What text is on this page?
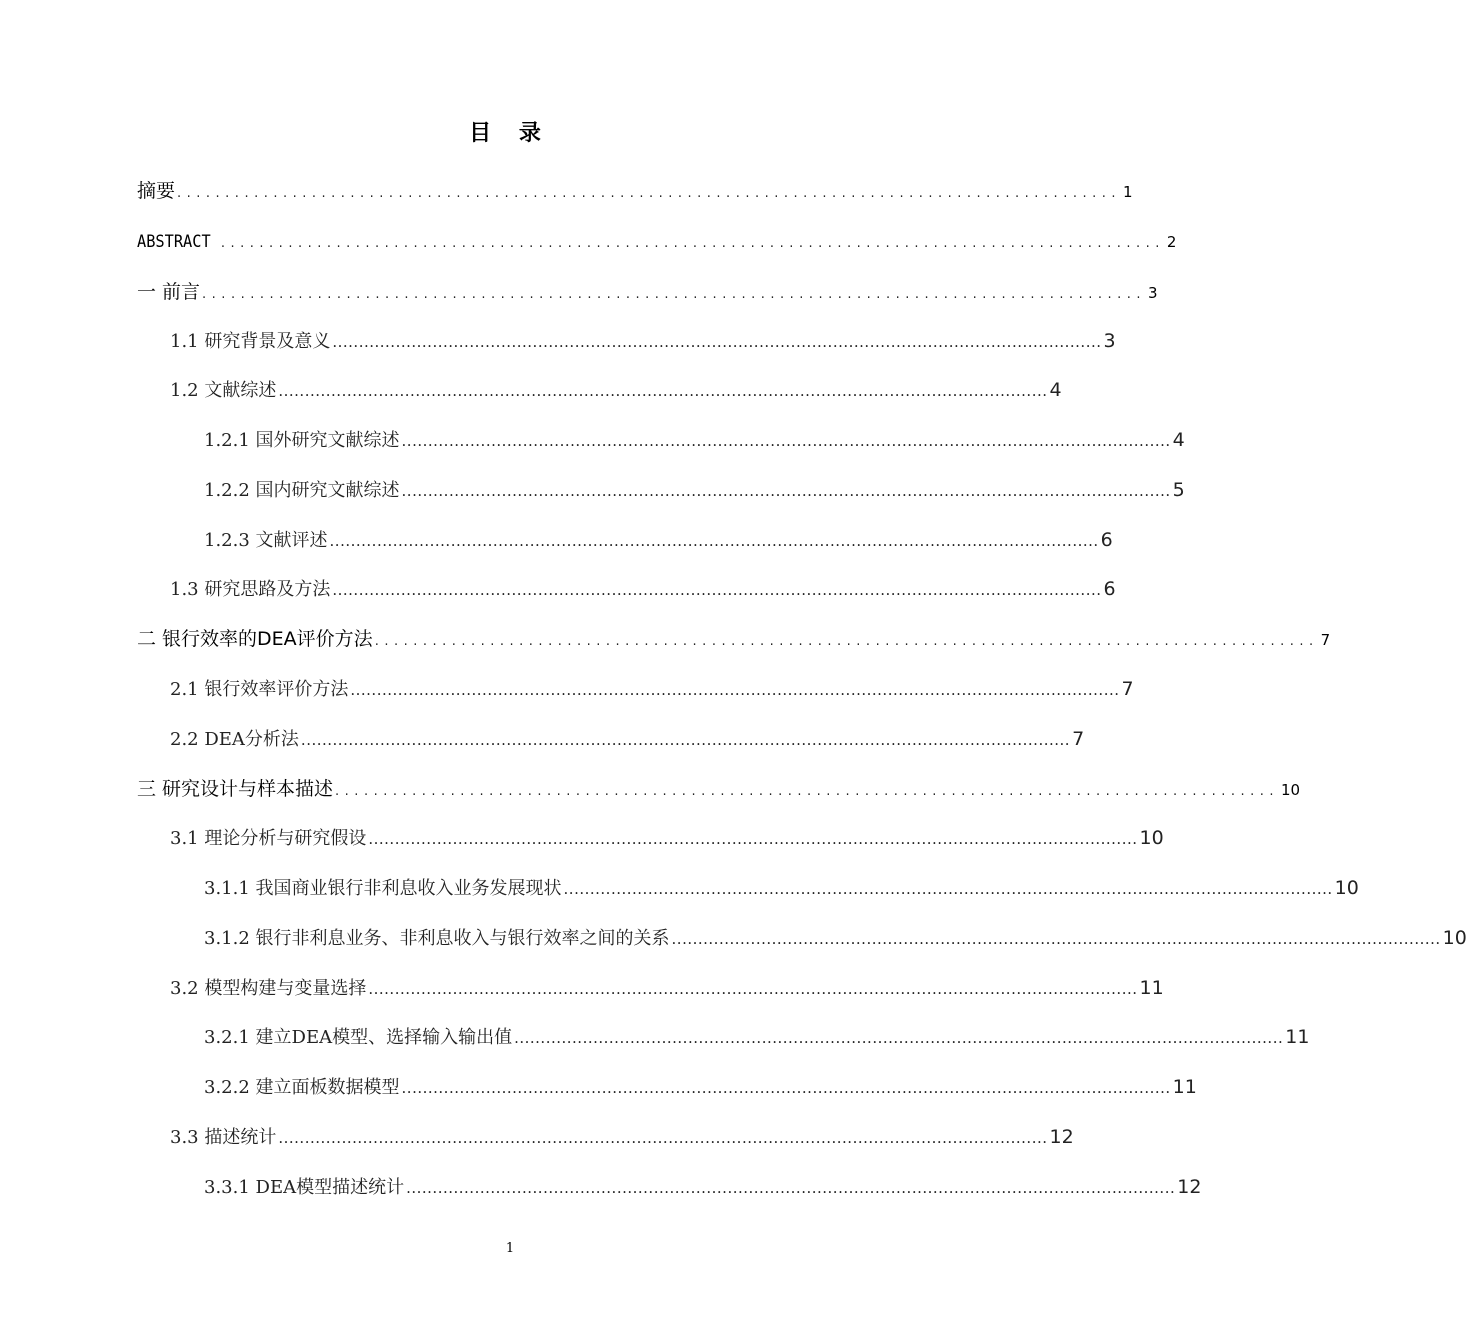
目 录
摘要 .................................................................................................. 1
ABSTRACT .................................................................................................. 2
一 前言 .................................................................................................. 3
1.1 研究背景及意义 .................................................................................................................................................. 3
1.2 文献综述 .................................................................................................................................................. 4
1.2.1 国外研究文献综述 .................................................................................................................................................. 4
1.2.2 国内研究文献综述 .................................................................................................................................................. 5
1.2.3 文献评述 .................................................................................................................................................. 6
1.3 研究思路及方法 .................................................................................................................................................. 6
二 银行效率的DEA评价方法 .................................................................................................. 7
2.1 银行效率评价方法 .................................................................................................................................................. 7
2.2 DEA分析法 .................................................................................................................................................. 7
三 研究设计与样本描述 .................................................................................................. 10
3.1 理论分析与研究假设 .................................................................................................................................................. 10
3.1.1 我国商业银行非利息收入业务发展现状 .................................................................................................................................................. 10
3.1.2 银行非利息业务、非利息收入与银行效率之间的关系 .................................................................................................................................................. 10
3.2 模型构建与变量选择 .................................................................................................................................................. 11
3.2.1 建立DEA模型、选择输入输出值 .................................................................................................................................................. 11
3.2.2 建立面板数据模型 .................................................................................................................................................. 11
3.3 描述统计 .................................................................................................................................................. 12
3.3.1 DEA模型描述统计 .................................................................................................................................................. 12
1
